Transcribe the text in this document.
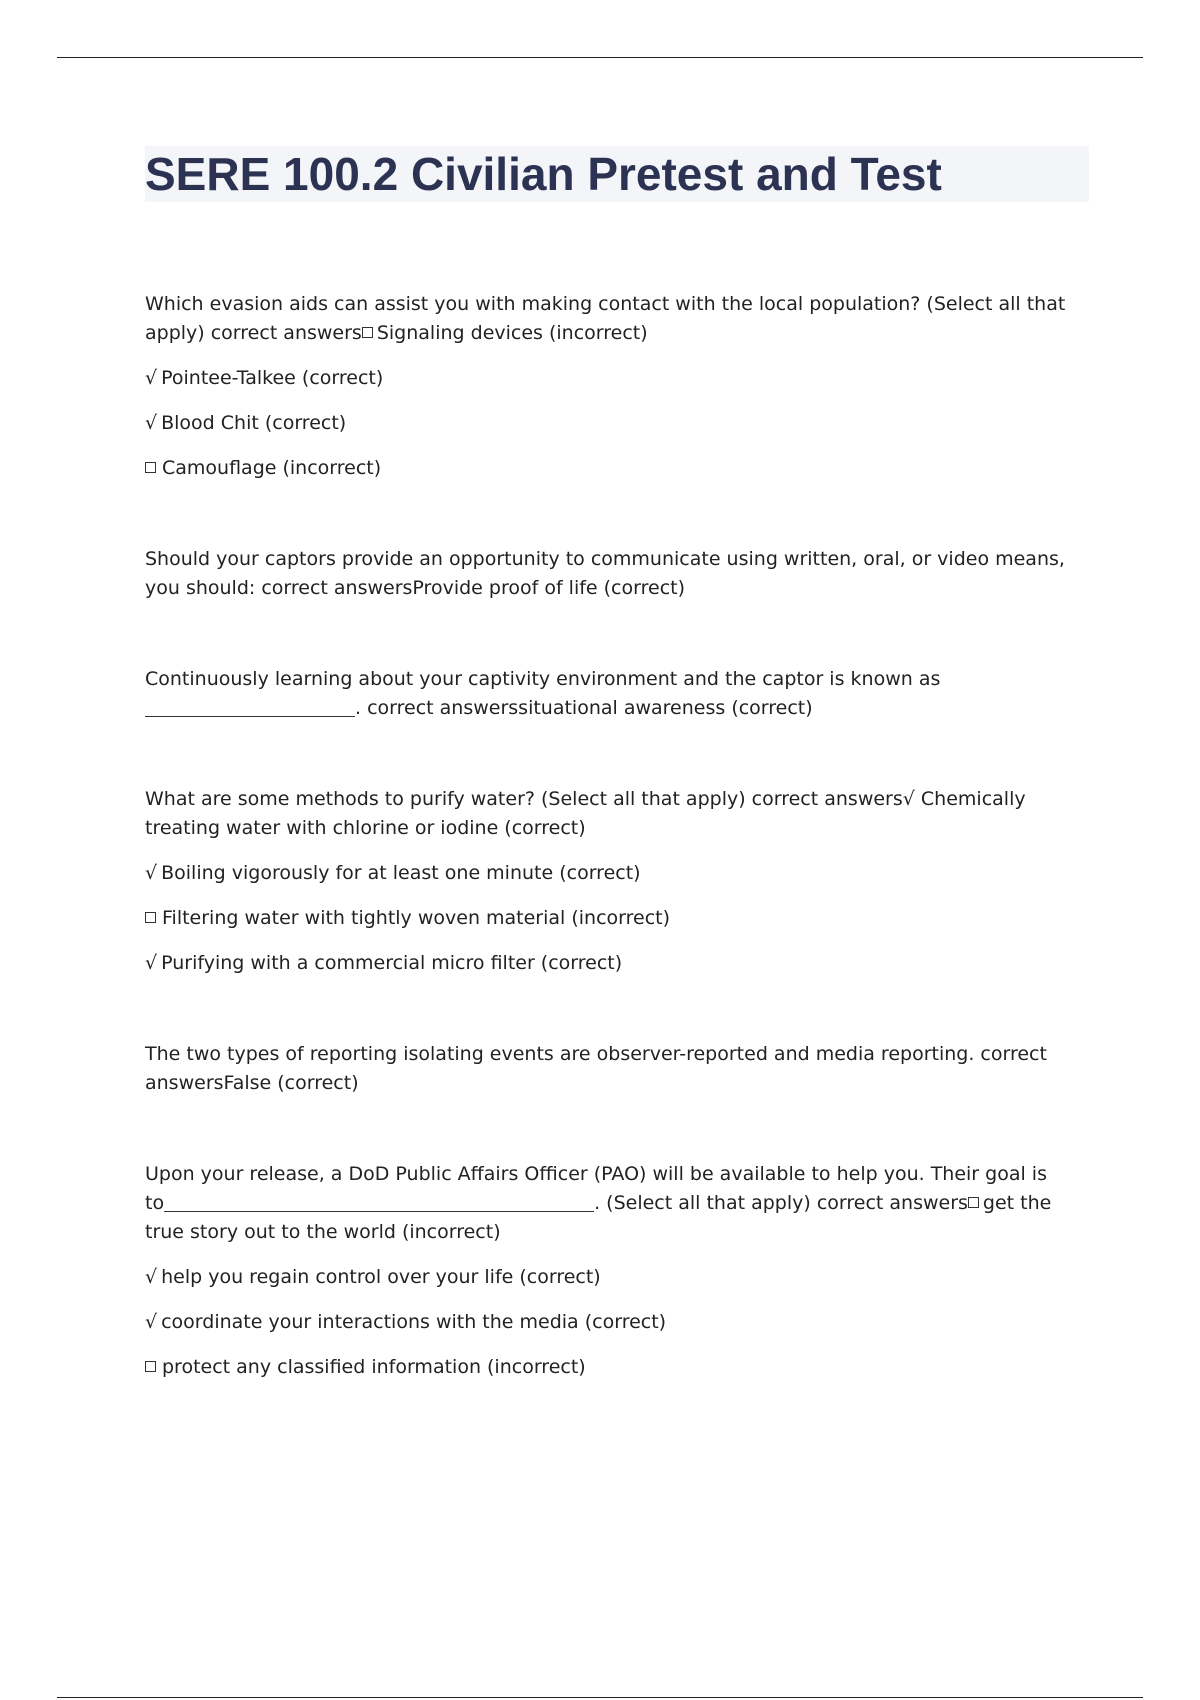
SERE 100.2 Civilian Pretest and Test

Which evasion aids can assist you with making contact with the local population? (Select all that apply) correct answers Signaling devices (incorrect)

√ Pointee-Talkee (correct)

√ Blood Chit (correct)

Camouflage (incorrect)

Should your captors provide an opportunity to communicate using written, oral, or video means, you should: correct answersProvide proof of life (correct)

Continuously learning about your captivity environment and the captor is known as
. correct answerssituational awareness (correct)

What are some methods to purify water? (Select all that apply) correct answers√ Chemically treating water with chlorine or iodine (correct)

√ Boiling vigorously for at least one minute (correct)

Filtering water with tightly woven material (incorrect)

√ Purifying with a commercial micro filter (correct)

The two types of reporting isolating events are observer-reported and media reporting. correct answersFalse (correct)

Upon your release, a DoD Public Affairs Officer (PAO) will be available to help you. Their goal is
to	. (Select all that apply) correct answers get the true story out to the world (incorrect)

√ help you regain control over your life (correct)

√ coordinate your interactions with the media (correct)

protect any classified information (incorrect)
